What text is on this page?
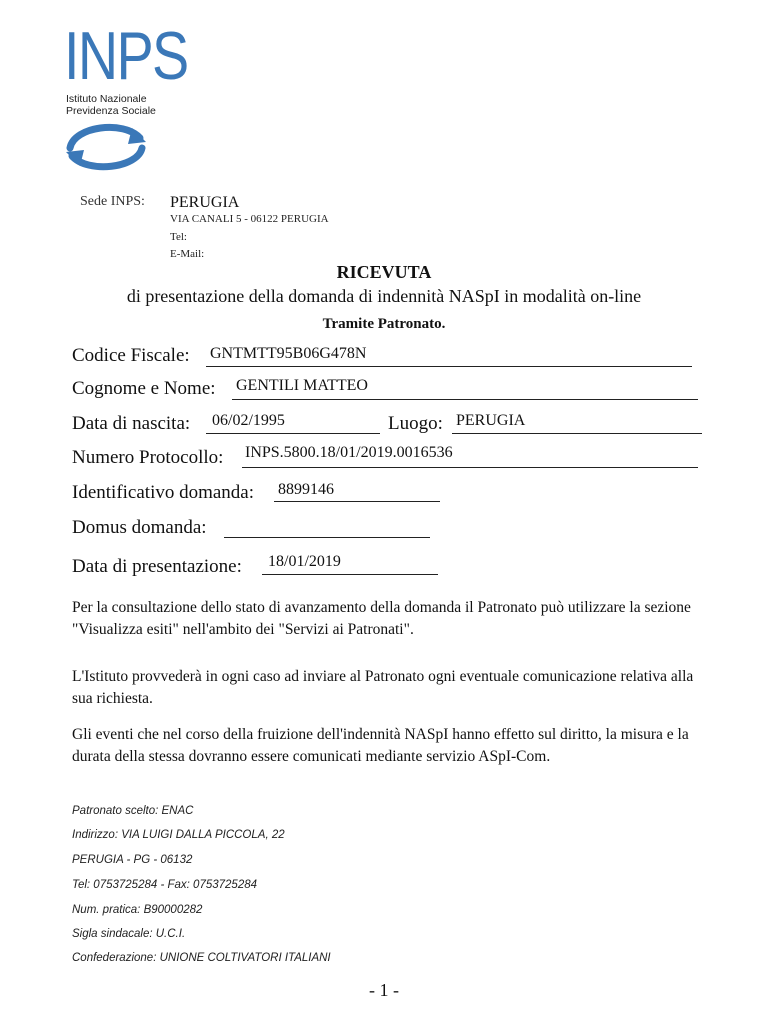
INPS
Istituto Nazionale
Previdenza Sociale
Sede INPS: PERUGIA
VIA CANALI 5 - 06122 PERUGIA
Tel:
E-Mail:
RICEVUTA
di presentazione della domanda di indennità NASpI in modalità on-line
Tramite Patronato.
Codice Fiscale: GNTMTT95B06G478N
Cognome e Nome: GENTILI MATTEO
Data di nascita: 06/02/1995	Luogo: PERUGIA
Numero Protocollo: INPS.5800.18/01/2019.0016536
Identificativo domanda: 8899146
Domus domanda:
Data di presentazione: 18/01/2019
Per la consultazione dello stato di avanzamento della domanda il Patronato può utilizzare la sezione "Visualizza esiti" nell'ambito dei "Servizi ai Patronati".
L'Istituto provvederà in ogni caso ad inviare al Patronato ogni eventuale comunicazione relativa alla sua richiesta.
Gli eventi che nel corso della fruizione dell'indennità NASpI hanno effetto sul diritto, la misura e la durata della stessa dovranno essere comunicati mediante servizio ASpI-Com.
Patronato scelto: ENAC
Indirizzo: VIA LUIGI DALLA PICCOLA, 22
PERUGIA - PG - 06132
Tel: 0753725284 - Fax: 0753725284
Num. pratica: B90000282
Sigla sindacale: U.C.I.
Confederazione: UNIONE COLTIVATORI ITALIANI
- 1 -
